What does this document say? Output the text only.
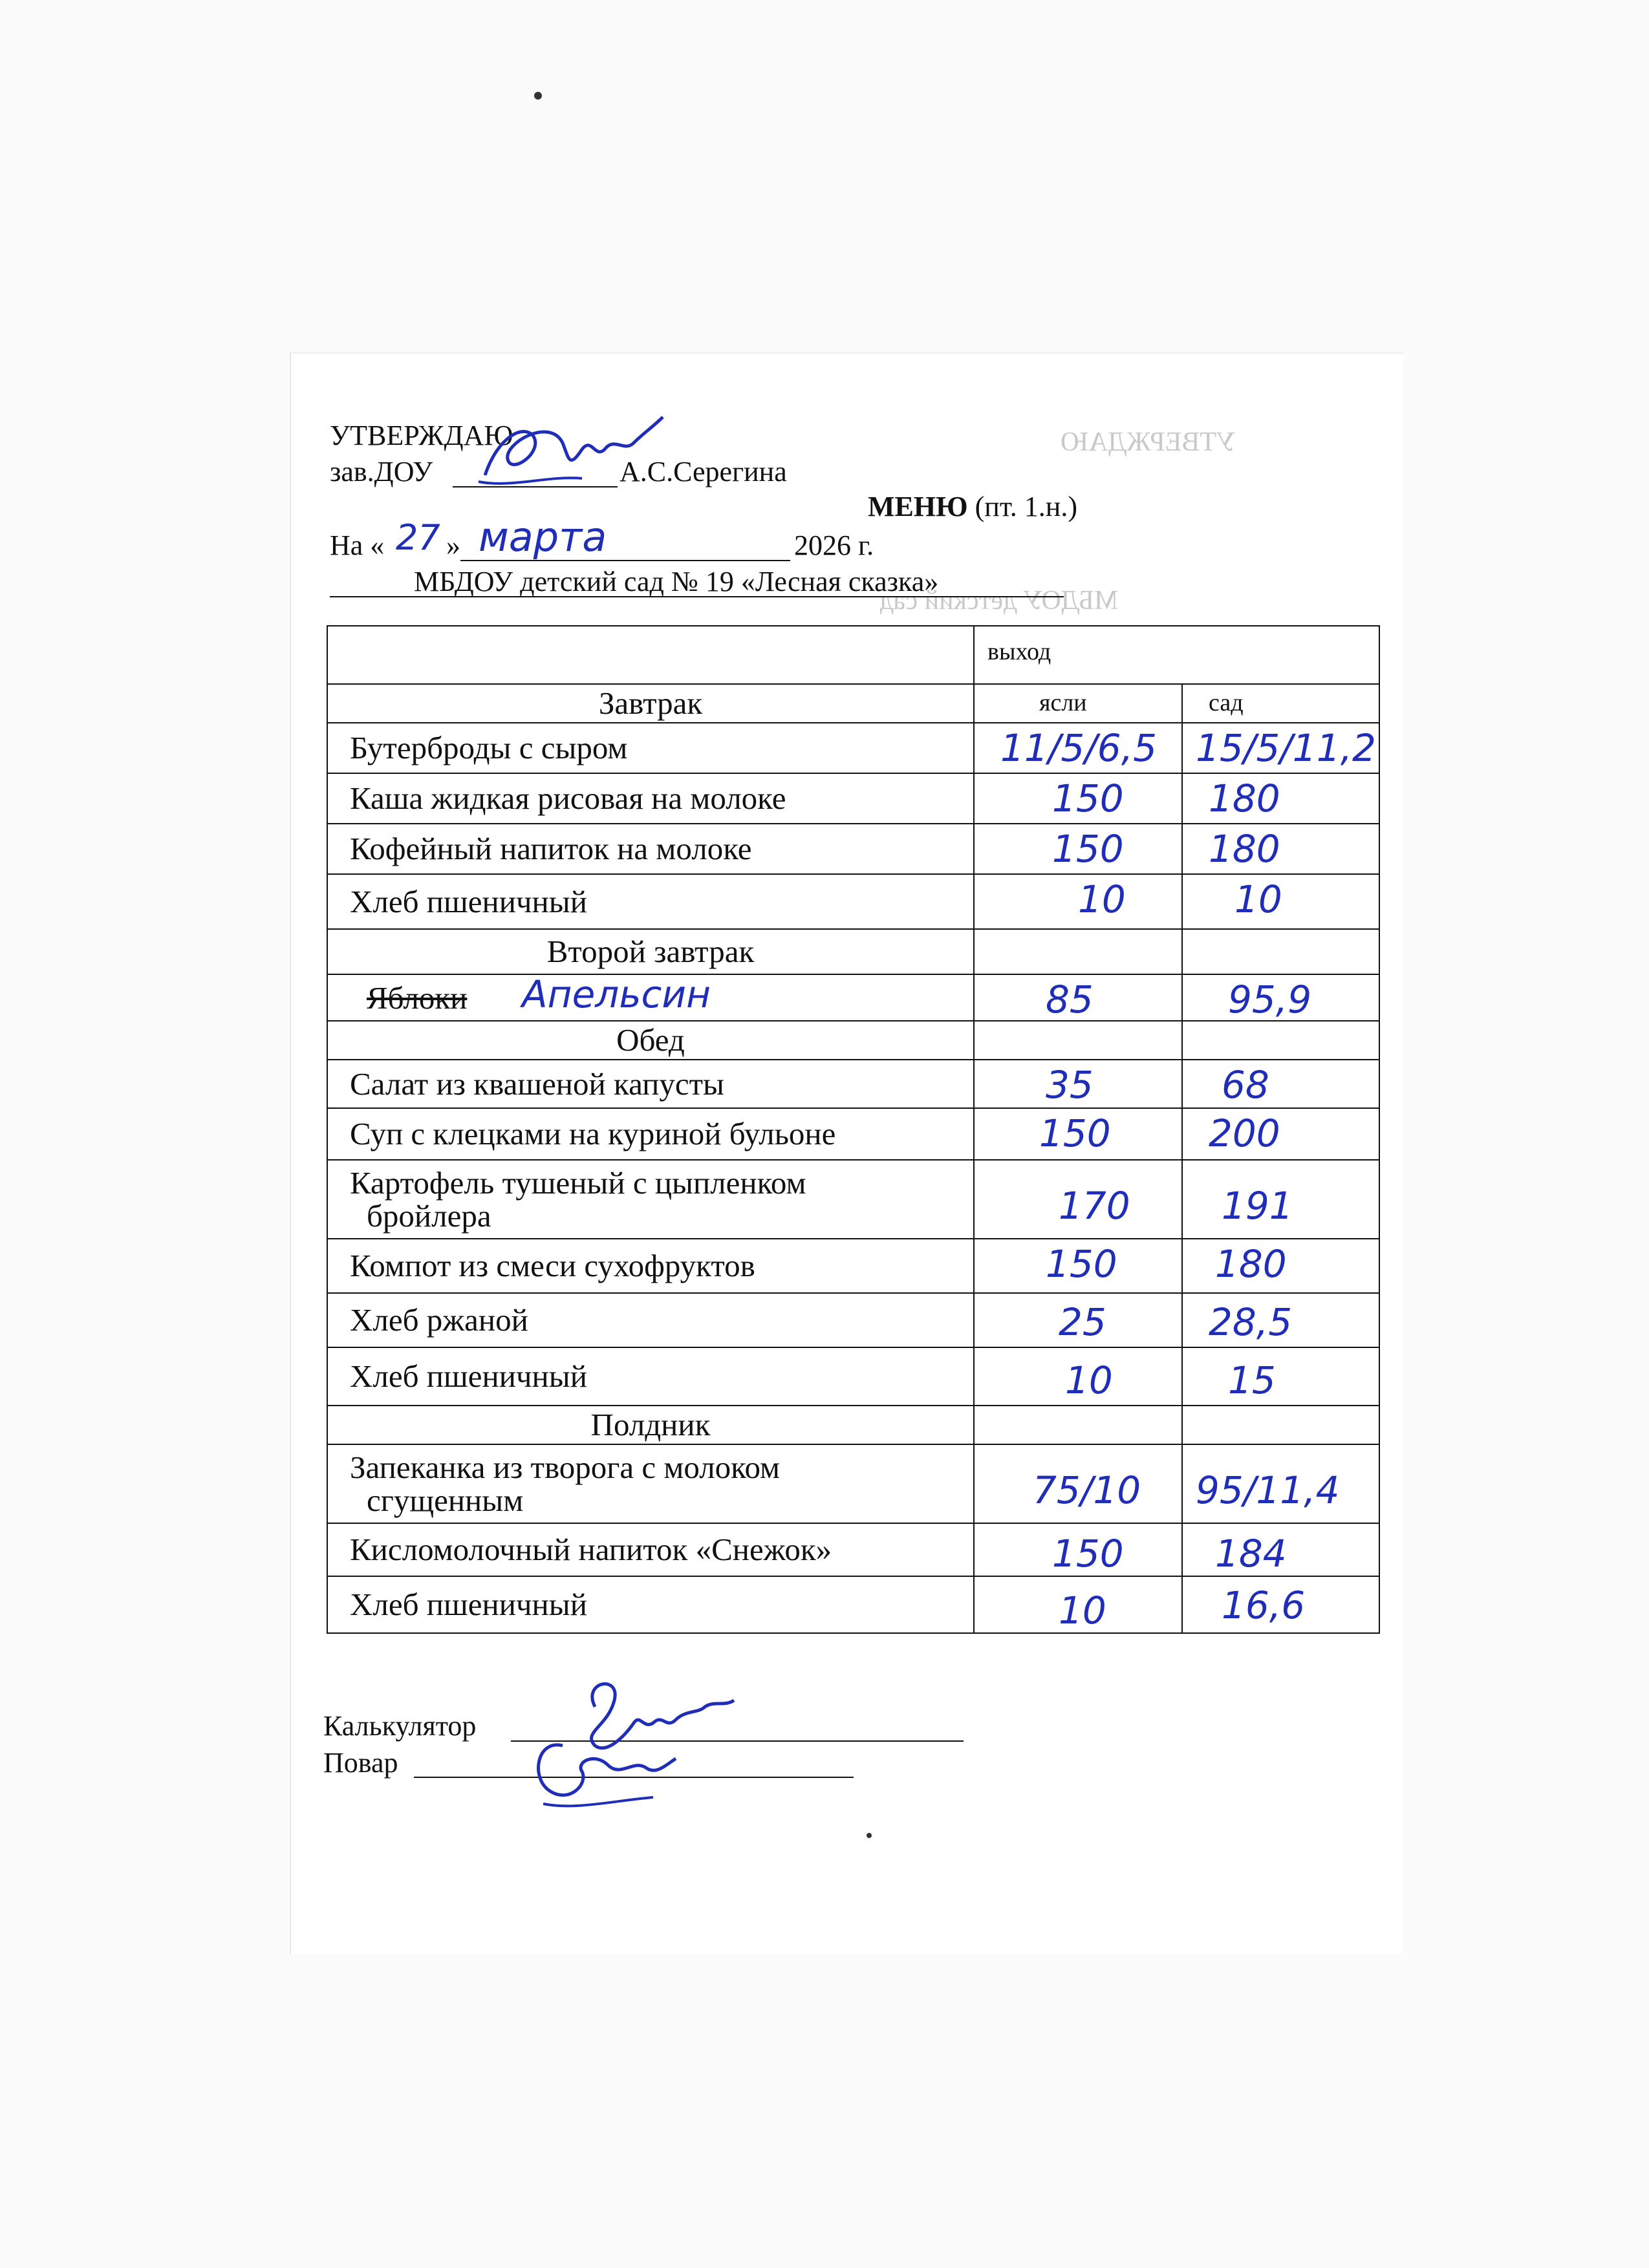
УТВЕРЖДАЮ
МБДОУ детский сад
УТВЕРЖДАЮ
зав.ДОУ	А.С.Серегина
МЕНЮ (пт. 1.н.)
На « 27 » марта	2026 г.
МБДОУ детский сад № 19 «Лесная сказка»
	выход	
Завтрак	ясли	сад
Бутерброды с сыром	11/5/6,5	15/5/11,2

Каша жидкая рисовая на молоке	150	180

Кофейный напиток на молоке	150	180

Хлеб пшеничный	10	10

Второй завтрак		

Яблоки Апельсин	85	95,9

Обед		
Салат из квашеной капусты	35	68

Суп с клецками на куриной бульоне	150	200

Картофель тушеный с цыпленком
бройлера	170	191

Компот из смеси сухофруктов	150	180

Хлеб ржаной	25	28,5

Хлеб пшеничный	10	15

Полдник		

Запеканка из творога с молоком
сгущенным	75/10	95/11,4

Кисломолочный напиток «Снежок»	150	184

Хлеб пшеничный	10	16,6
Калькулятор
Повар
